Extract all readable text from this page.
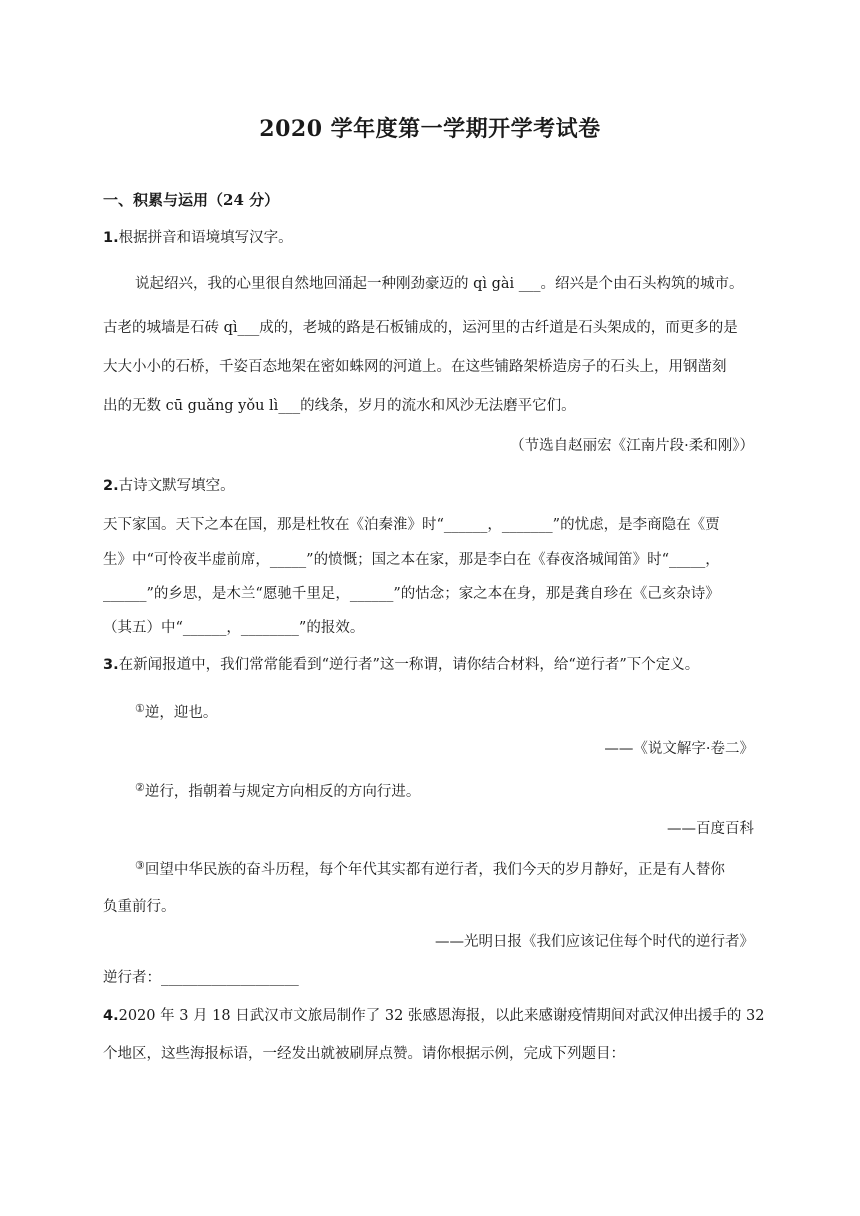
2020 学年度第一学期开学考试卷
一、积累与运用（24 分）
1.根据拼音和语境填写汉字。
说起绍兴，我的心里很自然地回涌起一种刚劲豪迈的 qì gài ___。绍兴是个由石头构筑的城市。
古老的城墙是石砖 qì___成的，老城的路是石板铺成的，运河里的古纤道是石头架成的，而更多的是
大大小小的石桥，千姿百态地架在密如蛛网的河道上。在这些铺路架桥造房子的石头上，用钢凿刻
出的无数 cū guǎng yǒu lì___的线条，岁月的流水和风沙无法磨平它们。
（节选自赵丽宏《江南片段·柔和刚》）
2.古诗文默写填空。
天下家国。天下之本在国，那是杜牧在《泊秦淮》时“______，_______”的忧虑，是李商隐在《贾
生》中“可怜夜半虚前席，_____”的愤慨；国之本在家，那是李白在《春夜洛城闻笛》时“_____，
______”的乡思，是木兰“愿驰千里足，______”的怙念；家之本在身，那是龚自珍在《己亥杂诗》
（其五）中“______，________”的报效。
3.在新闻报道中，我们常常能看到“逆行者”这一称谓，请你结合材料，给“逆行者”下个定义。
①逆，迎也。
——《说文解字·卷二》
②逆行，指朝着与规定方向相反的方向行进。
——百度百科
③回望中华民族的奋斗历程，每个年代其实都有逆行者，我们今天的岁月静好，正是有人替你
负重前行。
——光明日报《我们应该记住每个时代的逆行者》
逆行者：___________________
4.2020 年 3 月 18 日武汉市文旅局制作了 32 张感恩海报，以此来感谢疫情期间对武汉伸出援手的 32
个地区，这些海报标语，一经发出就被刷屏点赞。请你根据示例，完成下列题目：
